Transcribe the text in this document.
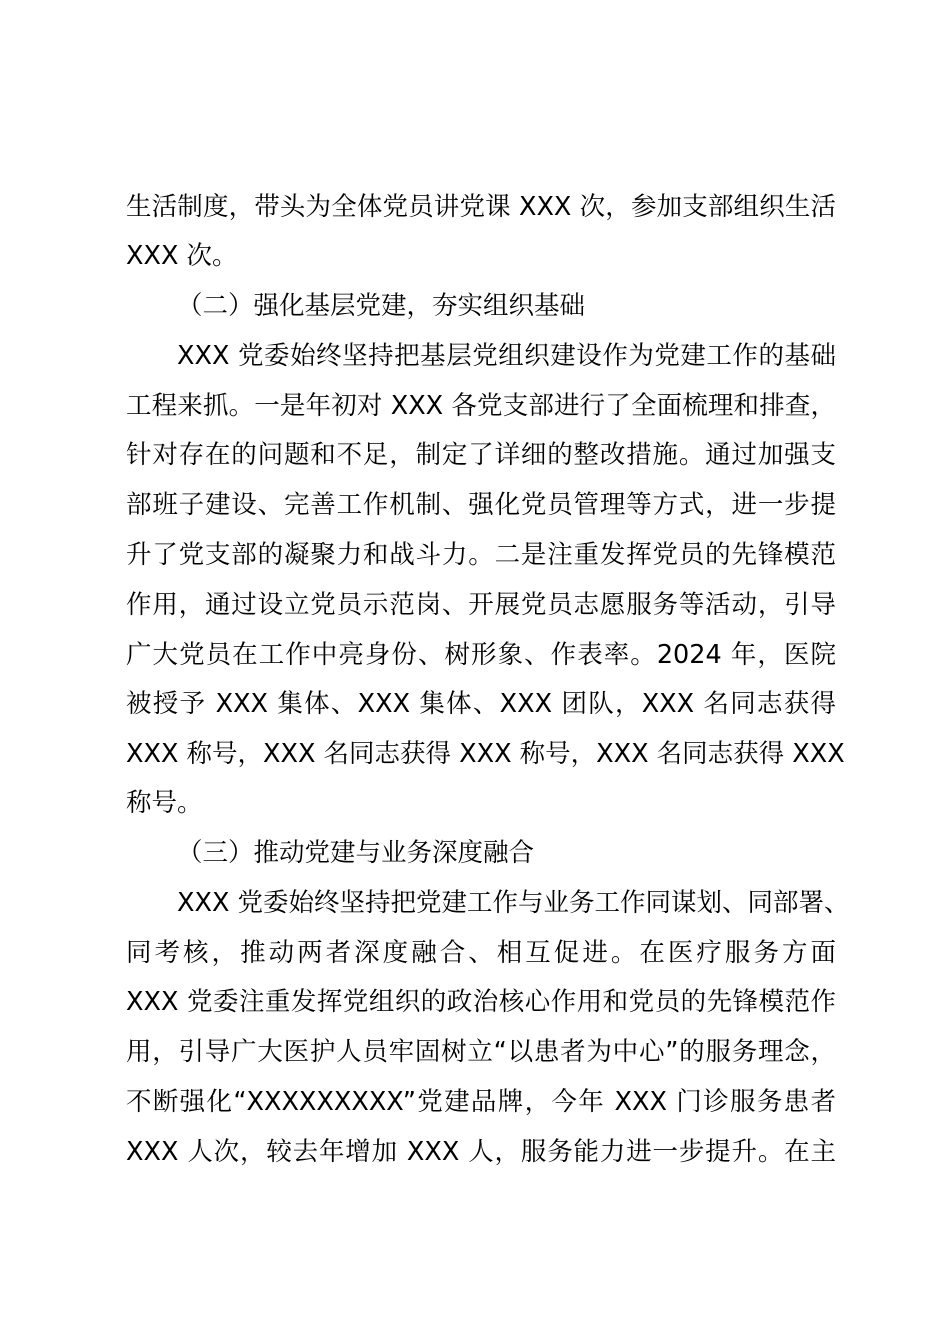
生活制度，带头为全体党员讲党课 XXX 次，参加支部组织生活
XXX 次。
（二）强化基层党建，夯实组织基础
XXX 党委始终坚持把基层党组织建设作为党建工作的基础
工程来抓。一是年初对 XXX 各党支部进行了全面梳理和排查，
针对存在的问题和不足，制定了详细的整改措施。通过加强支
部班子建设、完善工作机制、强化党员管理等方式，进一步提
升了党支部的凝聚力和战斗力。二是注重发挥党员的先锋模范
作用，通过设立党员示范岗、开展党员志愿服务等活动，引导
广大党员在工作中亮身份、树形象、作表率。2024 年，医院
被授予 XXX 集体、XXX 集体、XXX 团队，XXX 名同志获得
XXX 称号，XXX 名同志获得 XXX 称号，XXX 名同志获得 XXX
称号。
（三）推动党建与业务深度融合
XXX 党委始终坚持把党建工作与业务工作同谋划、同部署、
同考核，推动两者深度融合、相互促进。在医疗服务方面
XXX 党委注重发挥党组织的政治核心作用和党员的先锋模范作
用，引导广大医护人员牢固树立“以患者为中心”的服务理念，
不断强化“XXXXXXXXX”党建品牌，今年 XXX 门诊服务患者
XXX 人次，较去年增加 XXX 人，服务能力进一步提升。在主
